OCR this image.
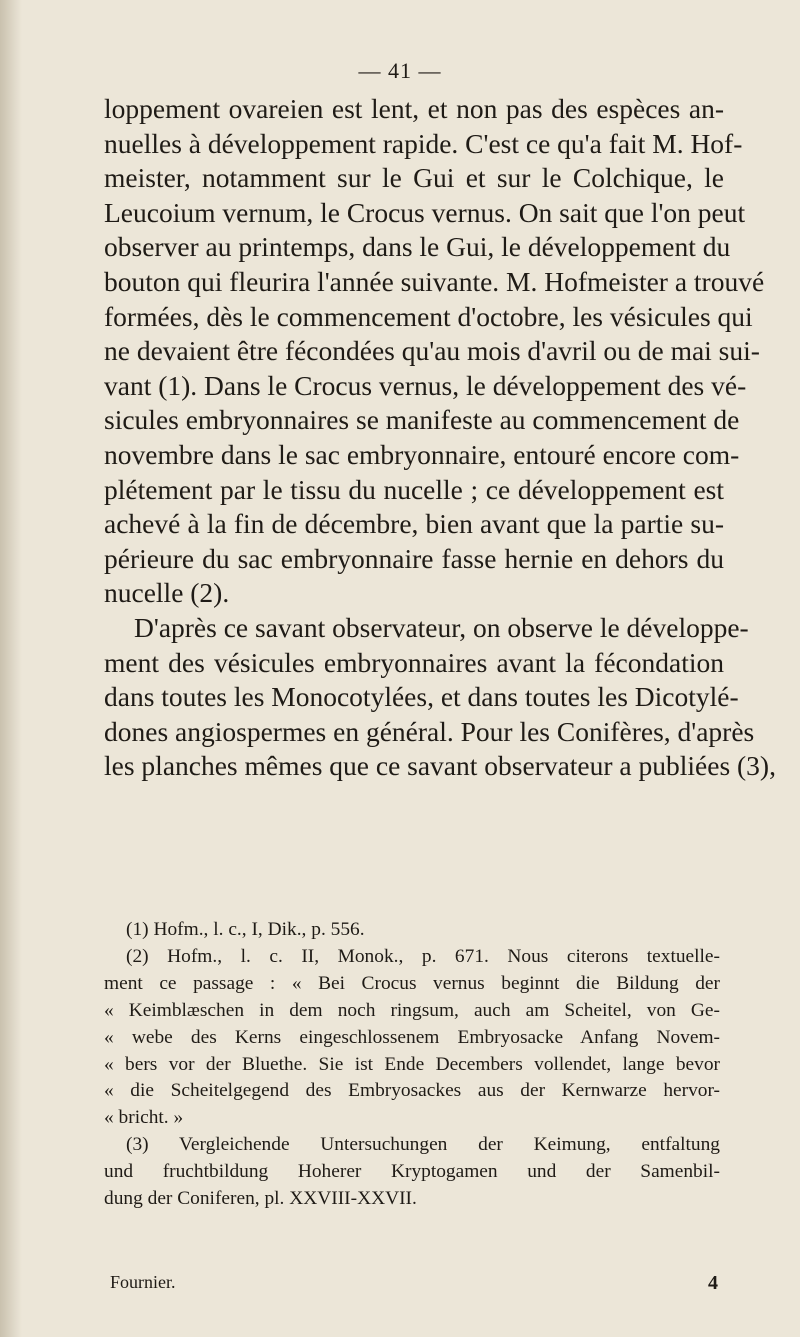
— 41 —
loppement ovareien est lent, et non pas des espèces an-
nuelles à développement rapide. C'est ce qu'a fait M. Hof-
meister, notamment sur le Gui et sur le Colchique, le
Leucoium vernum, le Crocus vernus. On sait que l'on peut
observer au printemps, dans le Gui, le développement du
bouton qui fleurira l'année suivante. M. Hofmeister a trouvé
formées, dès le commencement d'octobre, les vésicules qui
ne devaient être fécondées qu'au mois d'avril ou de mai sui-
vant (1). Dans le Crocus vernus, le développement des vé-
sicules embryonnaires se manifeste au commencement de
novembre dans le sac embryonnaire, entouré encore com-
plétement par le tissu du nucelle ; ce développement est
achevé à la fin de décembre, bien avant que la partie su-
périeure du sac embryonnaire fasse hernie en dehors du
nucelle (2).
D'après ce savant observateur, on observe le développe-
ment des vésicules embryonnaires avant la fécondation
dans toutes les Monocotylées, et dans toutes les Dicotylé-
dones angiospermes en général. Pour les Conifères, d'après
les planches mêmes que ce savant observateur a publiées (3),
(1) Hofm., l. c., I, Dik., p. 556.
(2) Hofm., l. c. II, Monok., p. 671. Nous citerons textuelle-
ment ce passage : « Bei Crocus vernus beginnt die Bildung der
« Keimblæschen in dem noch ringsum, auch am Scheitel, von Ge-
« webe des Kerns eingeschlossenem Embryosacke Anfang Novem-
« bers vor der Bluethe. Sie ist Ende Decembers vollendet, lange bevor
« die Scheitelgegend des Embryosackes aus der Kernwarze hervor-
« bricht. »
(3) Vergleichende Untersuchungen der Keimung, entfaltung
und fruchtbildung Hoherer Kryptogamen und der Samenbil-
dung der Coniferen, pl. XXVIII-XXVII.
Fournier.	4
